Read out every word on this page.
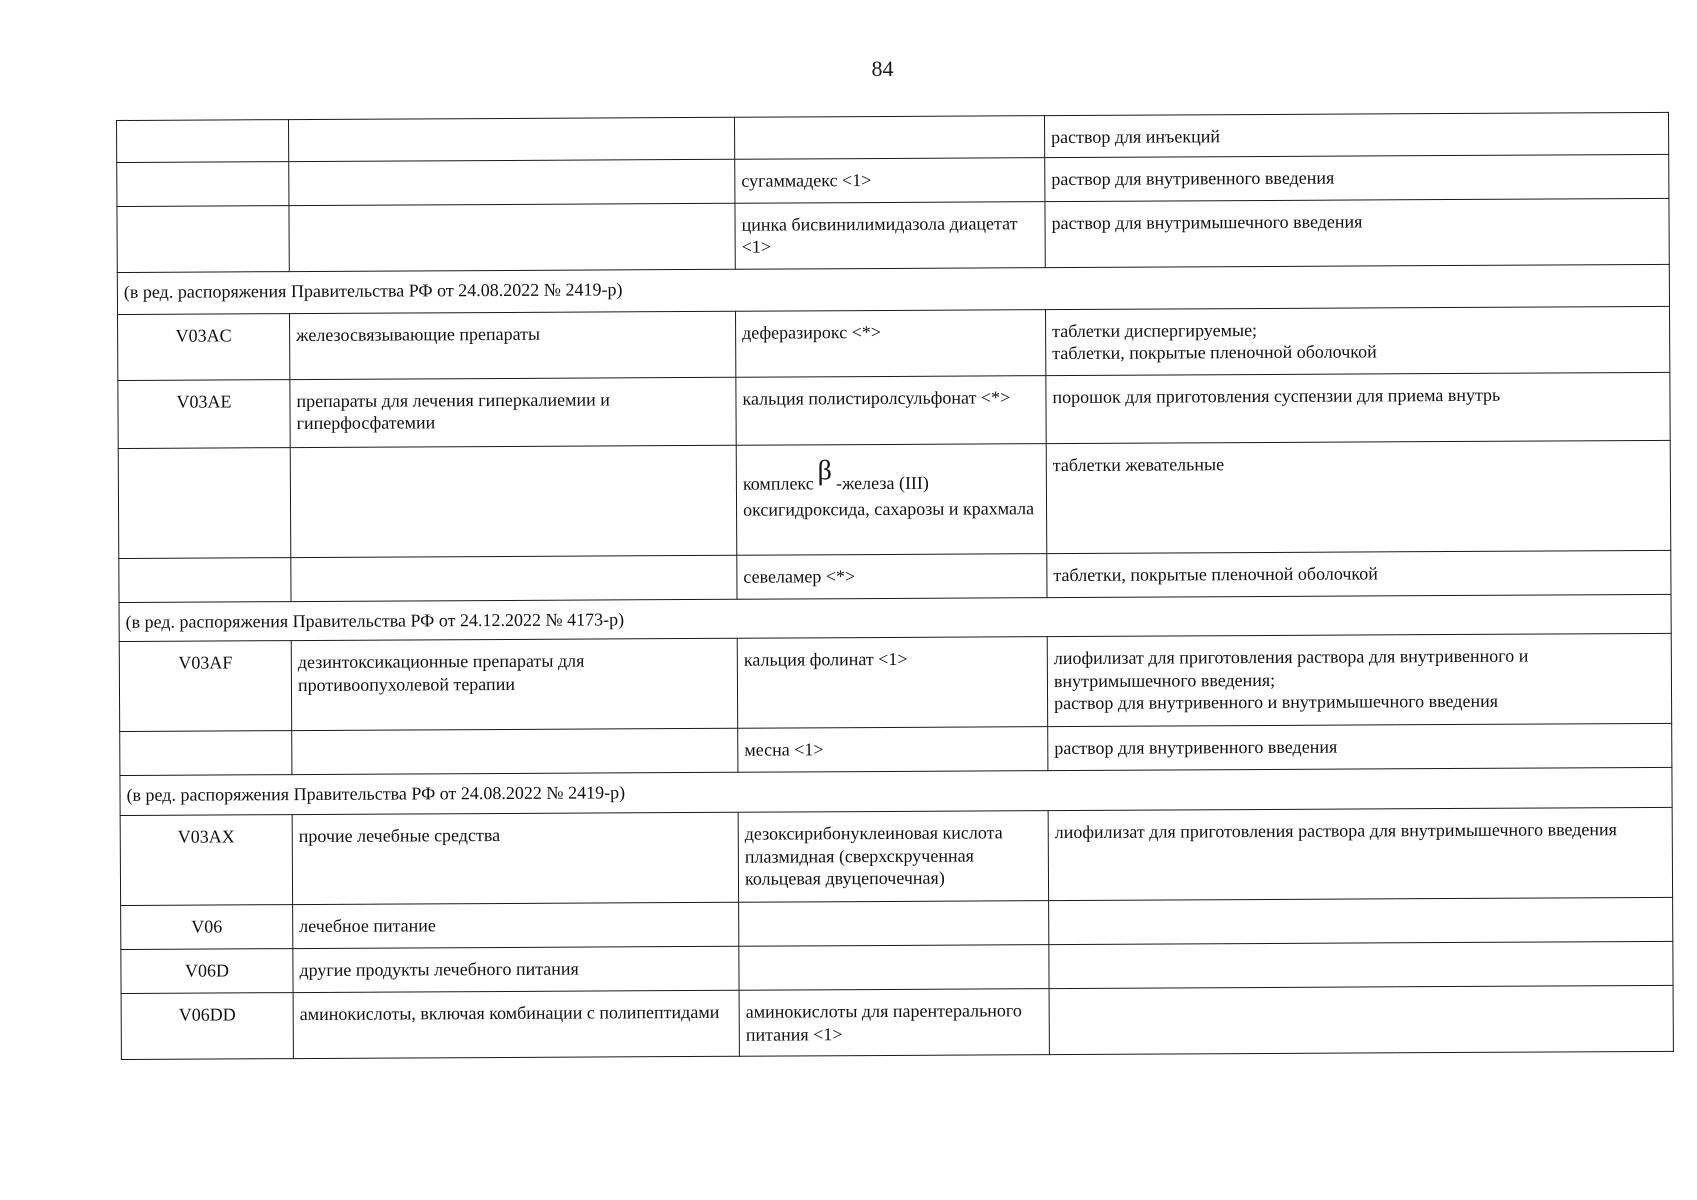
84

			раствор для инъекций

		сугаммадекс <1>	раствор для внутривенного введения

		цинка бисвинилимидазола диацетат <1>	раствор для внутримышечного введения

(в ред. распоряжения Правительства РФ от 24.08.2022 № 2419-р)			
V03AC	железосвязывающие препараты	деферазирокс <*>	таблетки диспергируемые;
таблетки, покрытые пленочной оболочкой

V03AE	препараты для лечения гиперкалиемии и гиперфосфатемии	кальция полистиролсульфонат <*>	порошок для приготовления суспензии для приема внутрь

		комплекс β -железа (III) оксигидроксида, сахарозы и крахмала	таблетки жевательные

		севеламер <*>	таблетки, покрытые пленочной оболочкой

(в ред. распоряжения Правительства РФ от 24.12.2022 № 4173-р)			
V03AF	дезинтоксикационные препараты для противоопухолевой терапии	кальция фолинат <1>	лиофилизат для приготовления раствора для внутривенного и внутримышечного введения;
раствор для внутривенного и внутримышечного введения

		месна <1>	раствор для внутривенного введения

(в ред. распоряжения Правительства РФ от 24.08.2022 № 2419-р)			
V03AX	прочие лечебные средства	дезоксирибонуклеиновая кислота плазмидная (сверхскрученная кольцевая двуцепочечная)	лиофилизат для приготовления раствора для внутримышечного введения

V06	лечебное питание		
V06D	другие продукты лечебного питания		
V06DD	аминокислоты, включая комбинации с полипептидами	аминокислоты для парентерального питания <1>	
